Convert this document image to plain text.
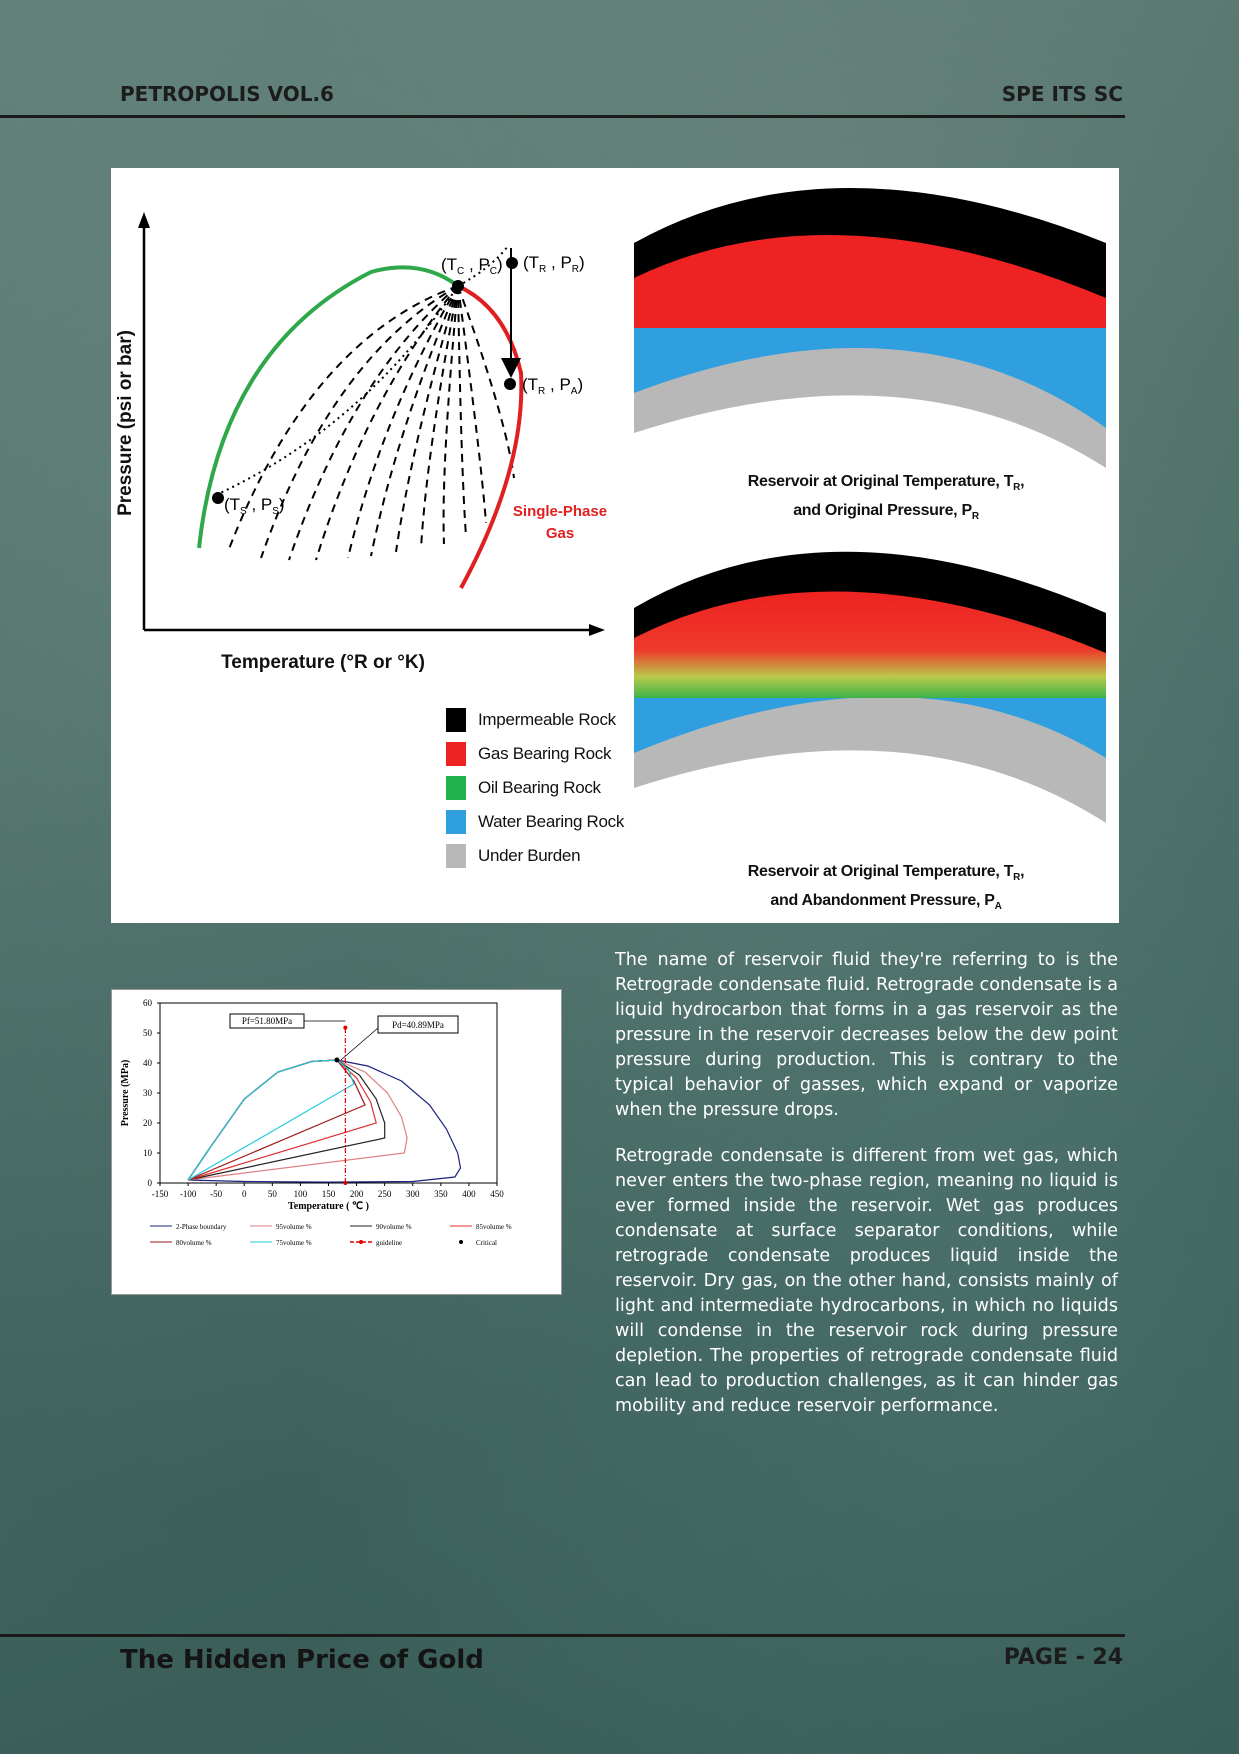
PETROPOLIS VOL.6	SPE ITS SC
($T_C$ , $P_C$) ($T_R$ , $P_R$)
($T_R$ , $P_A$)
($T_S$ , $P_S$)	Single-Phase
Gas
Pressure (psi or bar)
Temperature (°R or °K)
Reservoir at Original Temperature, $T_R$,
and Original Pressure, $P_R$
Reservoir at Original Temperature, $T_R$,
and Abandonment Pressure, $P_A$
Impermeable Rock
Gas Bearing Rock
Oil Bearing Rock
Water Bearing Rock
Under Burden
-150 -100 -50 0 50 100 150 200 250 300 350 400 450
0
10
20
30
40
50
60
Temperature ( ℃ )
Pressure (MPa)
Pf=51.80MPa	Pd=40.89MPa
2-Phase boundary	95volume %	90volume %	85volume %
80volume %	75volume %	guideline	Critical

The name of reservoir fluid they're referring to is the Retrograde condensate fluid. Retrograde condensate is a liquid hydrocarbon that forms in a gas reservoir as the pressure in the reservoir decreases below the dew point pressure during production. This is contrary to the typical behavior of gasses, which expand or vaporize when the pressure drops.

Retrograde condensate is different from wet gas, which never enters the two-phase region, meaning no liquid is ever formed inside the reservoir. Wet gas produces condensate at surface separator conditions, while retrograde condensate produces liquid inside the reservoir. Dry gas, on the other hand, consists mainly of light and intermediate hydrocarbons, in which no liquids will condense in the reservoir rock during pressure depletion. The properties of retrograde condensate fluid can lead to production challenges, as it can hinder gas mobility and reduce reservoir performance.

The Hidden Price of Gold	PAGE - 24
